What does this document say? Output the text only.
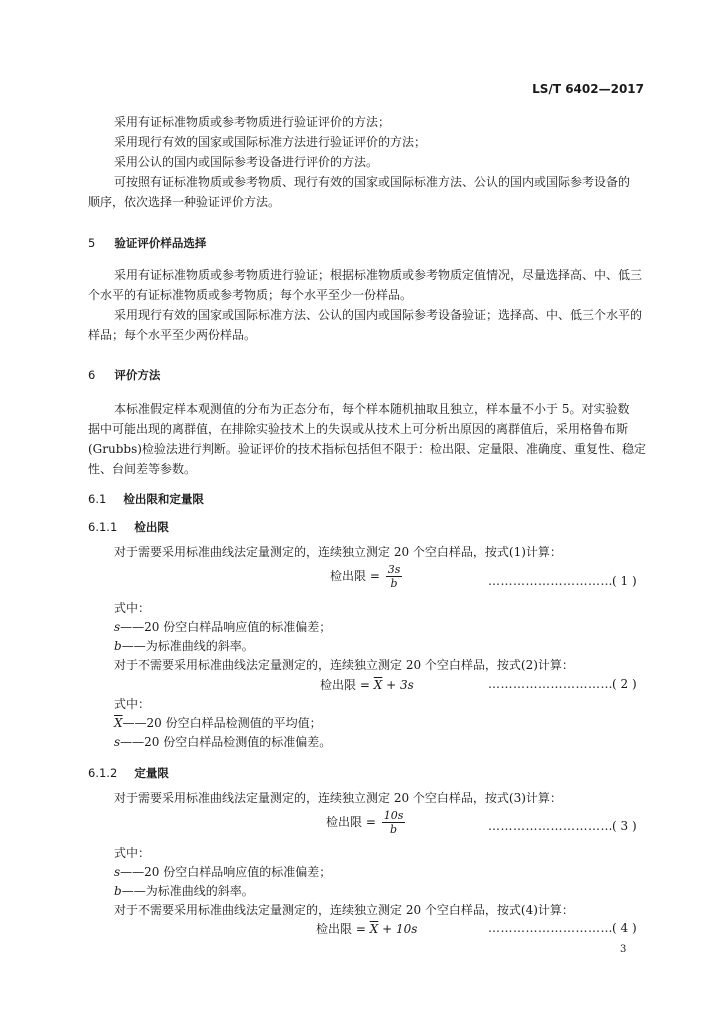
LS/T 6402—2017
采用有证标准物质或参考物质进行验证评价的方法；
采用现行有效的国家或国际标准方法进行验证评价的方法；
采用公认的国内或国际参考设备进行评价的方法。
可按照有证标准物质或参考物质、现行有效的国家或国际标准方法、公认的国内或国际参考设备的
顺序，依次选择一种验证评价方法。
5 验证评价样品选择
采用有证标准物质或参考物质进行验证；根据标准物质或参考物质定值情况，尽量选择高、中、低三
个水平的有证标准物质或参考物质；每个水平至少一份样品。
采用现行有效的国家或国际标准方法、公认的国内或国际参考设备验证；选择高、中、低三个水平的
样品；每个水平至少两份样品。
6 评价方法
本标准假定样本观测值的分布为正态分布，每个样本随机抽取且独立，样本量不小于 5。对实验数
据中可能出现的离群值，在排除实验技术上的失误或从技术上可分析出原因的离群值后，采用格鲁布斯
(Grubbs)检验法进行判断。验证评价的技术指标包括但不限于：检出限、定量限、准确度、重复性、稳定
性、台间差等参数。
6.1 检出限和定量限
6.1.1 检出限
对于需要采用标准曲线法定量测定的，连续独立测定 20 个空白样品，按式(1)计算：
检出限 = $\frac{3s}{b}$	………………………… ( 1 )
式中：
s——20 份空白样品响应值的标准偏差；
b——为标准曲线的斜率。
对于不需要采用标准曲线法定量测定的，连续独立测定 20 个空白样品，按式(2)计算：
检出限 = $\overline{X} + 3s$	………………………… ( 2 )
式中：
$\overline{X}——20$ 份空白样品检测值的平均值；
s——20 份空白样品检测值的标准偏差。
6.1.2 定量限
对于需要采用标准曲线法定量测定的，连续独立测定 20 个空白样品，按式(3)计算：
检出限 = $\frac{10s}{b}$	………………………… ( 3 )
式中：
s——20 份空白样品响应值的标准偏差；
b——为标准曲线的斜率。
对于不需要采用标准曲线法定量测定的，连续独立测定 20 个空白样品，按式(4)计算：
检出限 = $\overline{X} + 10s$	………………………… ( 4 )
3
